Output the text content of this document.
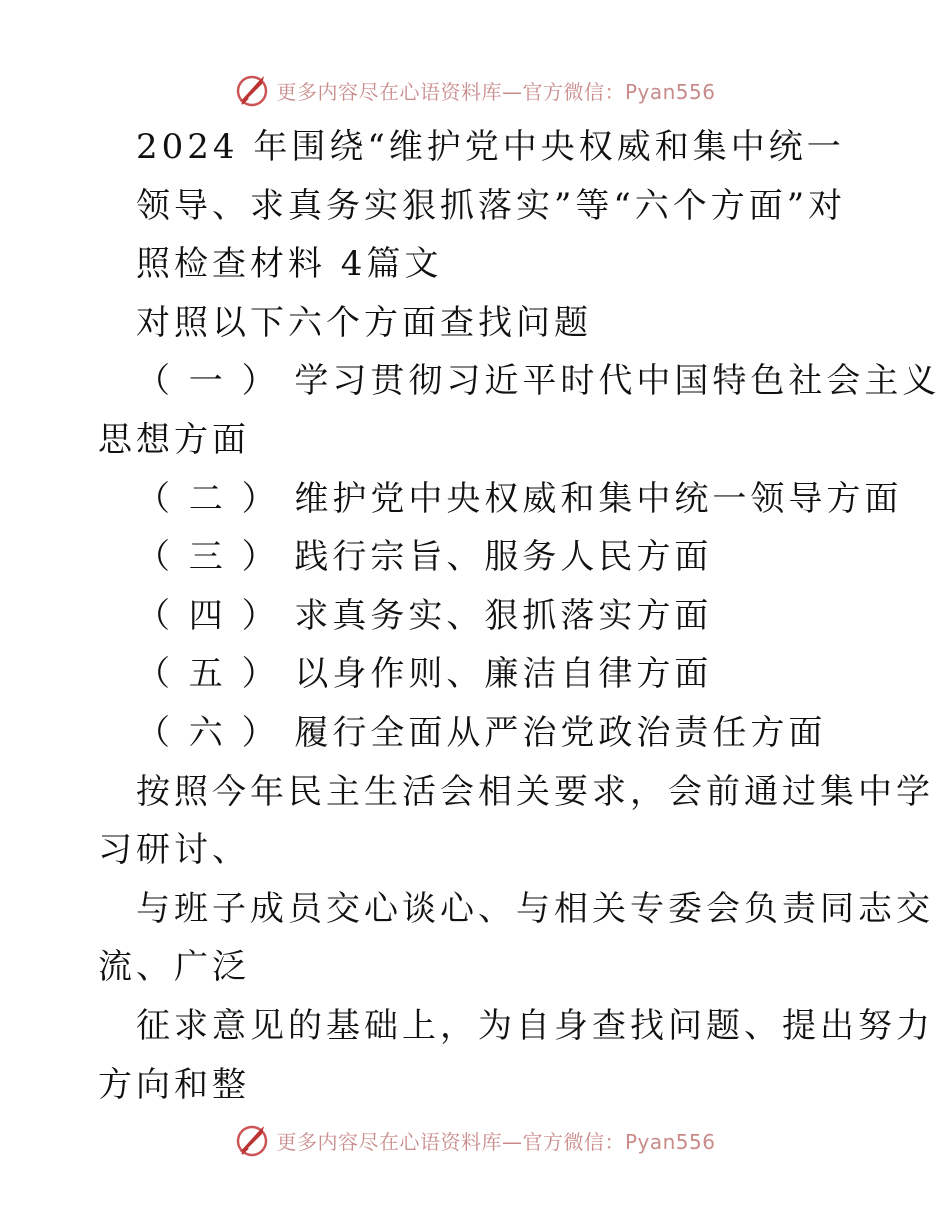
更多内容尽在心语资料库—官方微信：Pyan556
2024 年围绕“维护党中央权威和集中统一
领导、求真务实狠抓落实”等“六个方面”对
照检查材料 4篇文
对照以下六个方面查找问题
（ 一 ） 学习贯彻习近平时代中国特色社会主义
思想方面
（ 二 ） 维护党中央权威和集中统一领导方面
（ 三 ） 践行宗旨、服务人民方面
（ 四 ） 求真务实、狠抓落实方面
（ 五 ） 以身作则、廉洁自律方面
（ 六 ） 履行全面从严治党政治责任方面
按照今年民主生活会相关要求，会前通过集中学
习研讨、
与班子成员交心谈心、与相关专委会负责同志交
流、广泛
征求意见的基础上，为自身查找问题、提出努力
方向和整
更多内容尽在心语资料库—官方微信：Pyan556
